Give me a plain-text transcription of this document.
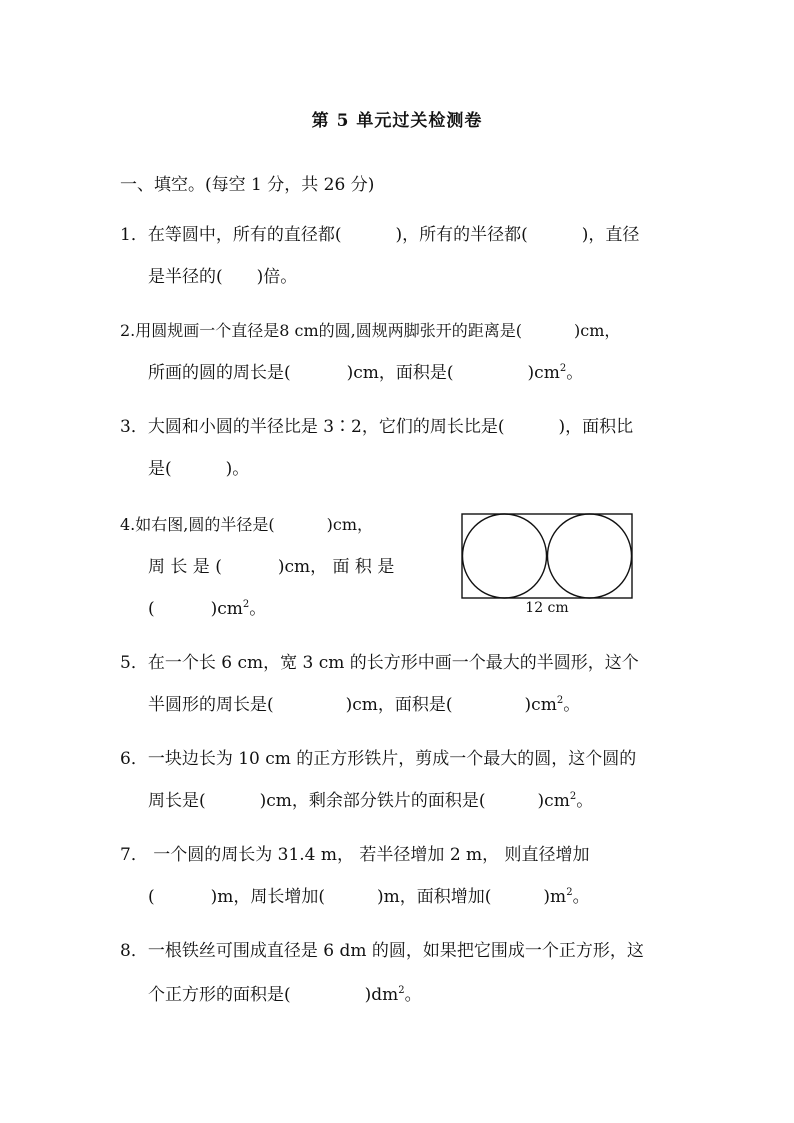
第 5 单元过关检测卷
一、填空。(每空 1 分，共 26 分)
1．在等圆中，所有的直径都(	)，所有的半径都(	)，直径
是半径的( )倍。
2.用圆规画一个直径是8 cm的圆,圆规两脚张开的距离是(	)cm，
所画的圆的周长是(	)cm，面积是(	)$cm^2$。
3．大圆和小圆的半径比是 3∶2，它们的周长比是(	)，面积比
是(	)。
4.如右图,圆的半径是(	)cm，
周 长 是 (	)cm， 面 积 是
(	)$cm^2$。	12 cm
5．在一个长 6 cm，宽 3 cm 的长方形中画一个最大的半圆形，这个
半圆形的周长是(	)cm，面积是(	)$cm^2$。
6．一块边长为 10 cm 的正方形铁片，剪成一个最大的圆，这个圆的
周长是(	)cm，剩余部分铁片的面积是(	)$cm^2$。
7． 一个圆的周长为 31.4 m， 若半径增加 2 m， 则直径增加
(	)m，周长增加(	)m，面积增加(	)$m^2$。
8．一根铁丝可围成直径是 6 dm 的圆，如果把它围成一个正方形，这
个正方形的面积是(	)$dm^2$。
